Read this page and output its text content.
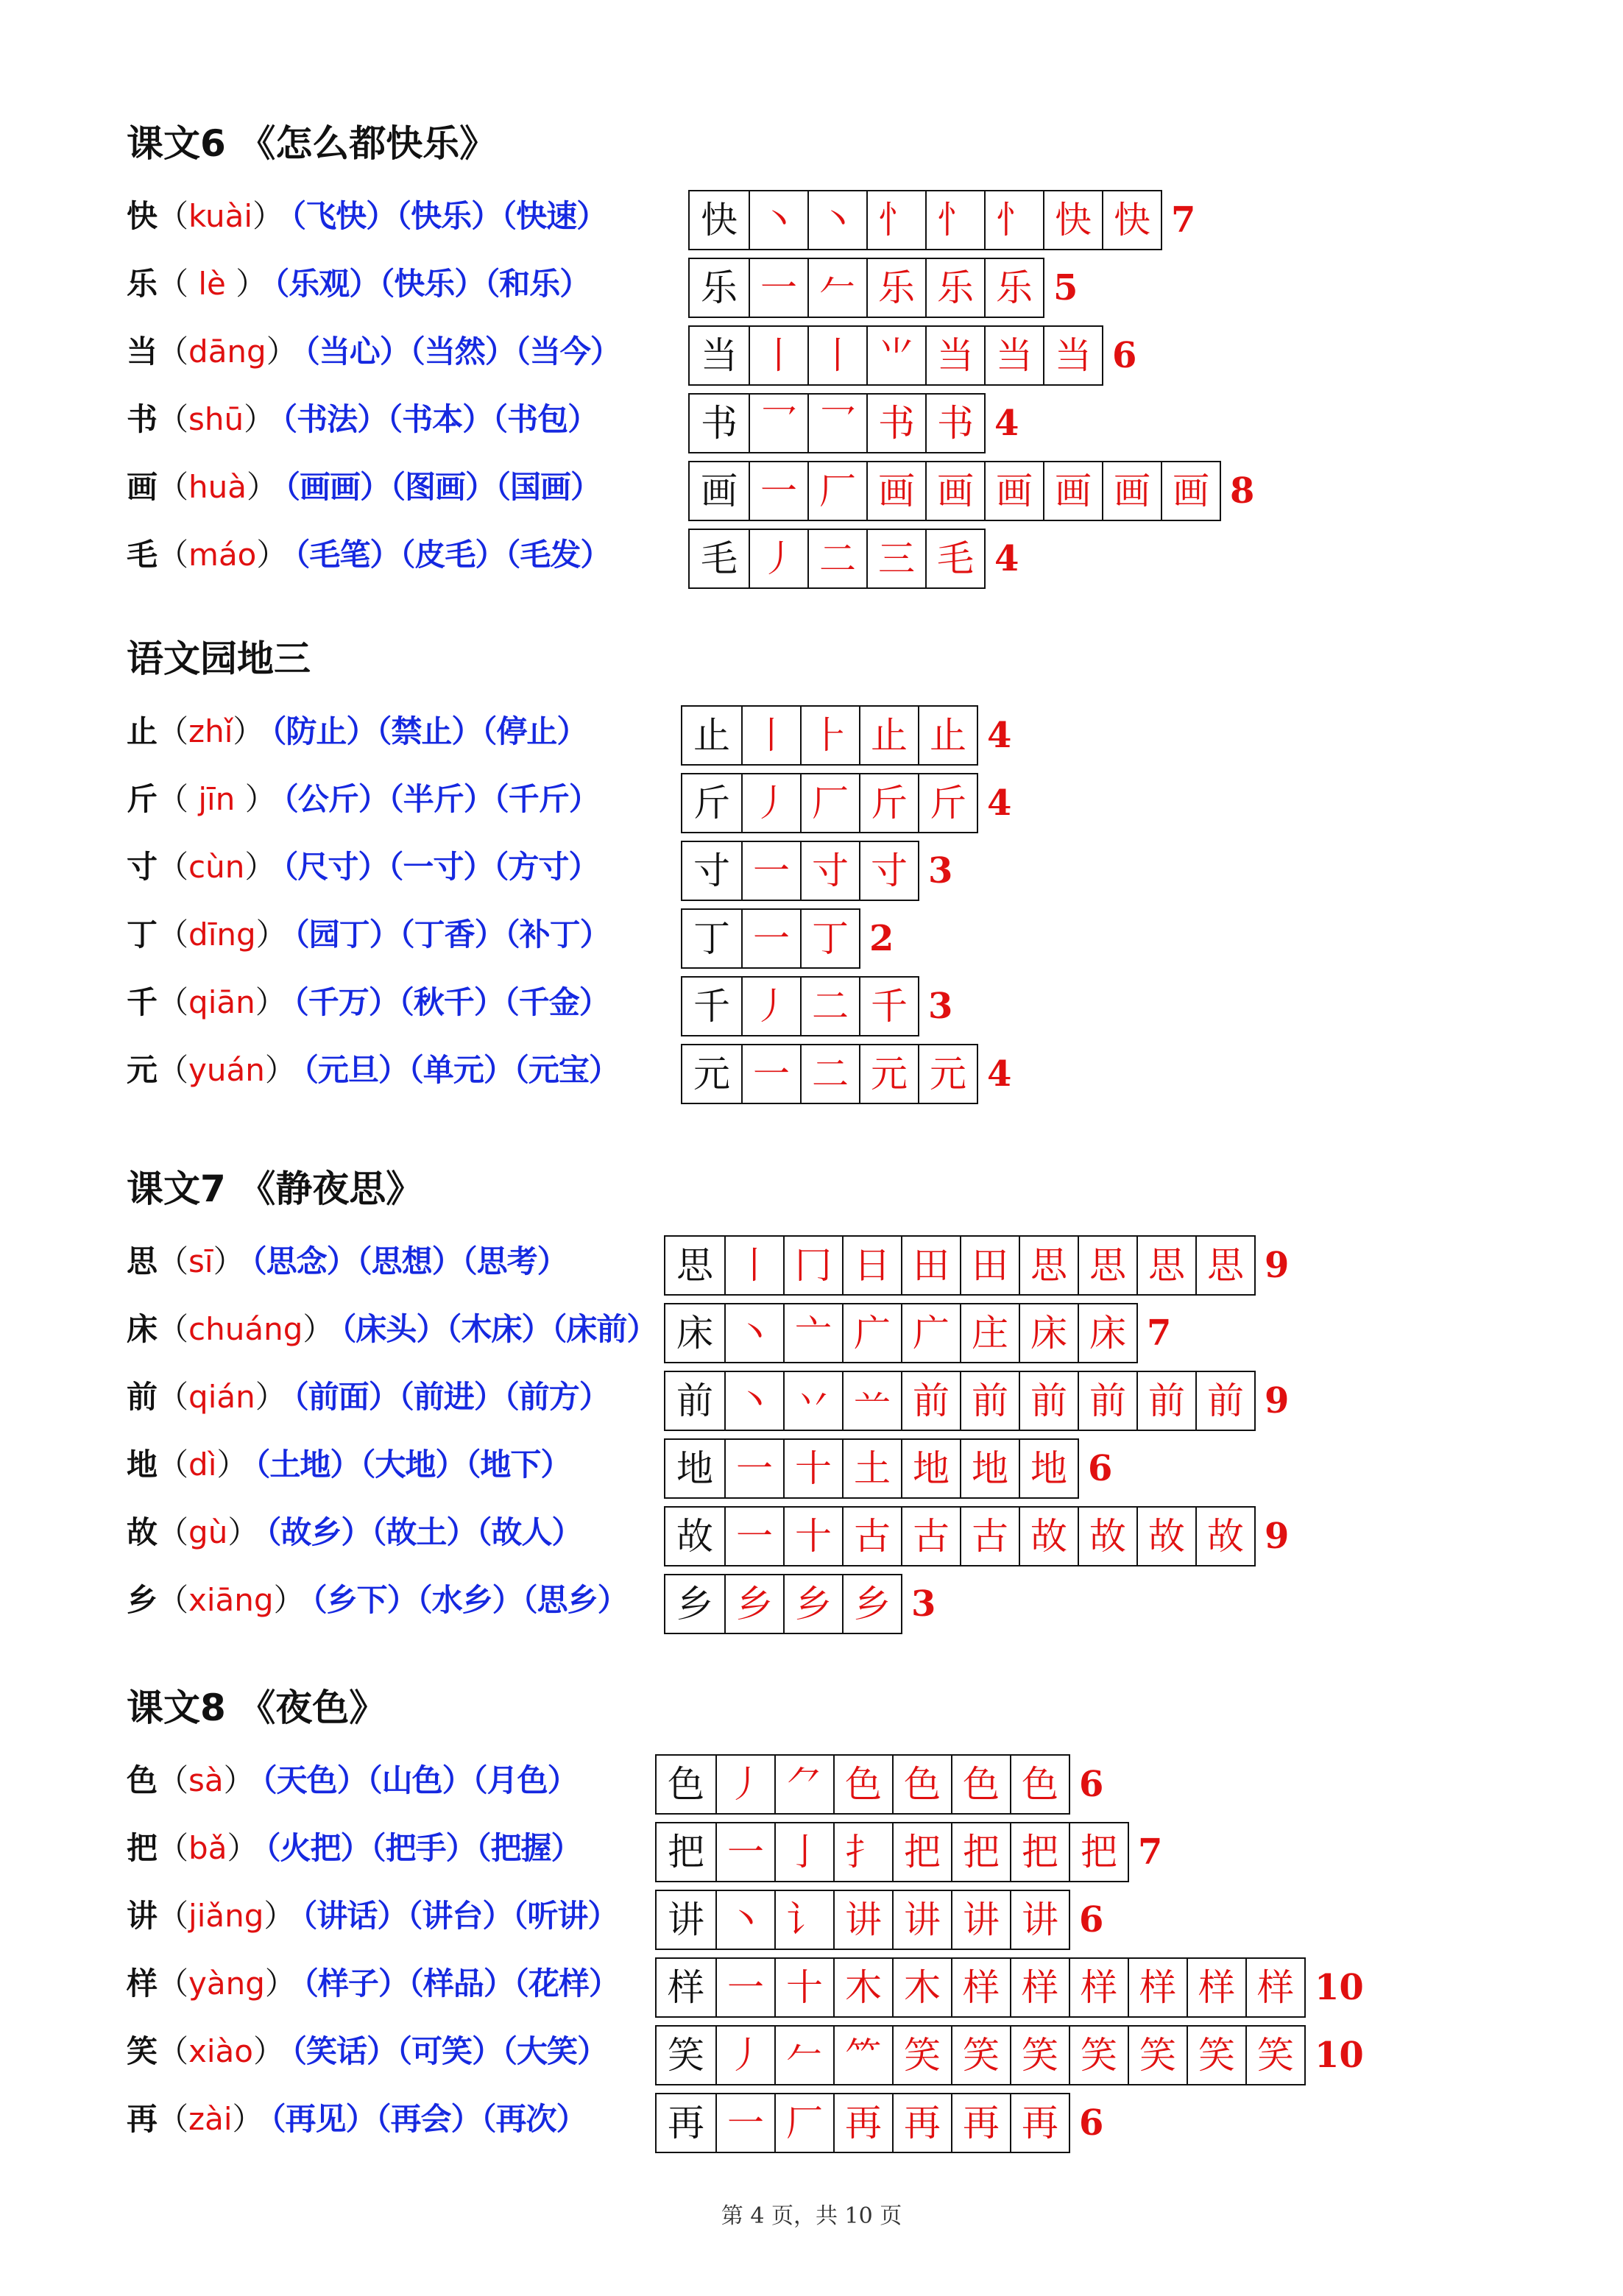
课文6 《怎么都快乐》
快（kuài） （飞快）（快乐）（快速）	快 丶 丶 忄 忄 忄 快 快 7
乐（ lè ） （乐观）（快乐）（和乐）	乐 一 𠂉 乐 乐 乐 5
当（dāng） （当心）（当然）（当今）	当 丨 丨 ⺌ 当 当 当 6
书（shū） （书法）（书本）（书包）	书 乛 乛 书 书 4
画（huà） （画画）（图画）（国画）	画 一 厂 画 画 画 画 画 画 8
毛（máo） （毛笔）（皮毛）（毛发）	毛 丿 二 三 毛 4
语文园地三
止（zhǐ） （防止）（禁止）（停止）	止 丨 ⺊ 止 止 4
斤（ jīn ） （公斤）（半斤）（千斤）	斤 丿 厂 斤 斤 4
寸（cùn） （尺寸）（一寸）（方寸）	寸 一 寸 寸 3
丁（dīng） （园丁）（丁香）（补丁）	丁 一 丁 2
千（qiān） （千万）（秋千）（千金）	千 丿 二 千 3
元（yuán） （元旦）（单元）（元宝）	元 一 二 元 元 4
课文7 《静夜思》
思（sī） （思念）（思想）（思考）	思 丨 冂 日 田 田 思 思 思 思 9
床（chuáng） （床头）（木床）（床前） 床 丶 亠 广 广 庄 床 床 7
前（qián） （前面）（前进）（前方）	前 丶 丷 䒑 前 前 前 前 前 前 9
地（dì） （土地）（大地）（地下）	地 一 十 土 地 地 地 6
故（gù） （故乡）（故土）（故人）	故 一 十 古 古 古 故 故 故 故 9
乡（xiāng） （乡下）（水乡）（思乡）	乡 乡 乡 乡 3
课文8 《夜色》
色（sà） （天色）（山色）（月色）	色 丿 ⺈ 色 色 色 色 6
把（bǎ） （火把）（把手）（把握）	把 一 亅 扌 把 把 把 把 7
讲（jiǎng） （讲话）（讲台）（听讲）	讲 丶 讠 讲 讲 讲 讲 6
样（yàng） （样子）（样品）（花样）	样 一 十 木 木 样 样 样 样 样 样 10
笑（xiào） （笑话）（可笑）（大笑）	笑 丿 𠂉 ⺮ 笑 笑 笑 笑 笑 笑 笑 10
再（zài） （再见）（再会）（再次）	再 一 厂 再 再 再 再 6
第 4 页，共 10 页
